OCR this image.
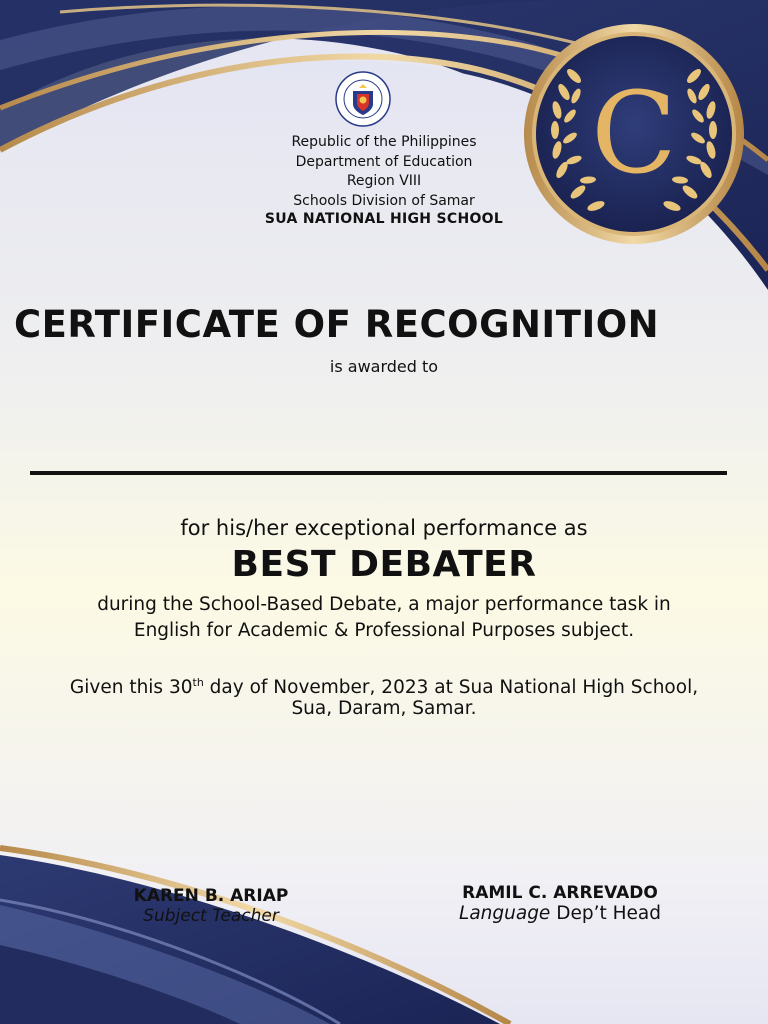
Republic of the Philippines
Department of Education
Region VIII
Schools Division of Samar
SUA NATIONAL HIGH SCHOOL
C
CERTIFICATE OF RECOGNITION
is awarded to
for his/her exceptional performance as
BEST DEBATER
during the School-Based Debate, a major performance task in
English for Academic & Professional Purposes subject.
Given this 30th day of November, 2023 at Sua National High School,
Sua, Daram, Samar.
KAREN B. ARIAP
Subject Teacher
RAMIL C. ARREVADO
Language Dep’t Head
